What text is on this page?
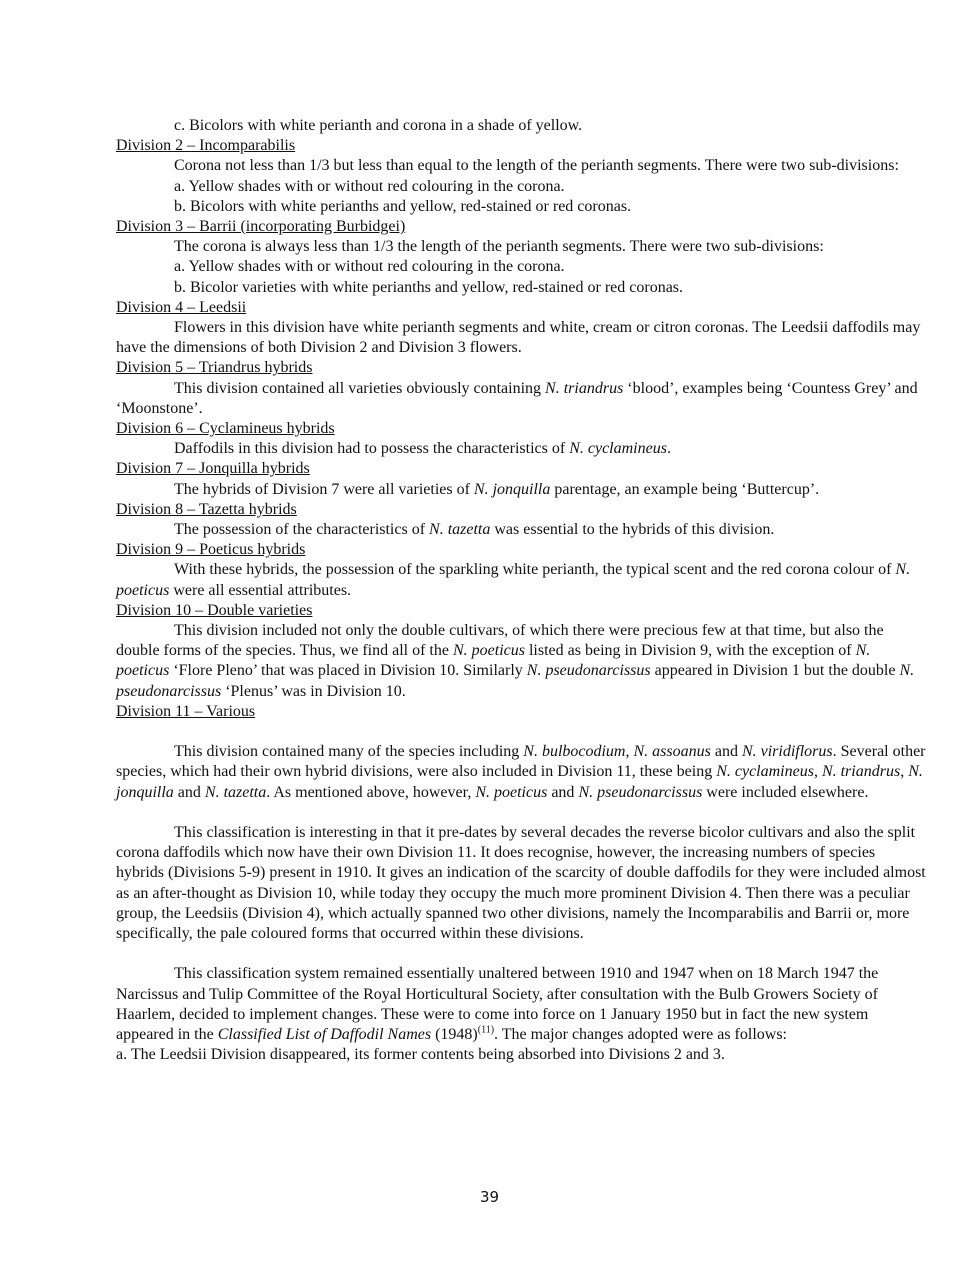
c. Bicolors with white perianth and corona in a shade of yellow.

Division 2 – Incomparabilis

Corona not less than 1/3 but less than equal to the length of the perianth segments. There were two sub-divisions:

a. Yellow shades with or without red colouring in the corona.

b. Bicolors with white perianths and yellow, red-stained or red coronas.

Division 3 – Barrii (incorporating Burbidgei)

The corona is always less than 1/3 the length of the perianth segments. There were two sub-divisions:

a. Yellow shades with or without red colouring in the corona.

b. Bicolor varieties with white perianths and yellow, red-stained or red coronas.

Division 4 – Leedsii

Flowers in this division have white perianth segments and white, cream or citron coronas. The Leedsii daffodils may have the dimensions of both Division 2 and Division 3 flowers.

Division 5 – Triandrus hybrids

This division contained all varieties obviously containing N. triandrus ‘blood’, examples being ‘Countess Grey’ and ‘Moonstone’.

Division 6 – Cyclamineus hybrids

Daffodils in this division had to possess the characteristics of N. cyclamineus.

Division 7 – Jonquilla hybrids

The hybrids of Division 7 were all varieties of N. jonquilla parentage, an example being ‘Buttercup’.

Division 8 – Tazetta hybrids

The possession of the characteristics of N. tazetta was essential to the hybrids of this division.

Division 9 – Poeticus hybrids

With these hybrids, the possession of the sparkling white perianth, the typical scent and the red corona colour of N. poeticus were all essential attributes.

Division 10 – Double varieties

This division included not only the double cultivars, of which there were precious few at that time, but also the double forms of the species. Thus, we find all of the N. poeticus listed as being in Division 9, with the exception of N. poeticus ‘Flore Pleno’ that was placed in Division 10. Similarly N. pseudonarcissus appeared in Division 1 but the double N. pseudonarcissus ‘Plenus’ was in Division 10.

Division 11 – Various

This division contained many of the species including N. bulbocodium, N. assoanus and N. viridiflorus. Several other species, which had their own hybrid divisions, were also included in Division 11, these being N. cyclamineus, N. triandrus, N. jonquilla and N. tazetta. As mentioned above, however, N. poeticus and N. pseudonarcissus were included elsewhere.

This classification is interesting in that it pre-dates by several decades the reverse bicolor cultivars and also the split corona daffodils which now have their own Division 11. It does recognise, however, the increasing numbers of species hybrids (Divisions 5-9) present in 1910. It gives an indication of the scarcity of double daffodils for they were included almost as an after-thought as Division 10, while today they occupy the much more prominent Division 4. Then there was a peculiar group, the Leedsiis (Division 4), which actually spanned two other divisions, namely the Incomparabilis and Barrii or, more specifically, the pale coloured forms that occurred within these divisions.

This classification system remained essentially unaltered between 1910 and 1947 when on 18 March 1947 the Narcissus and Tulip Committee of the Royal Horticultural Society, after consultation with the Bulb Growers Society of Haarlem, decided to implement changes. These were to come into force on 1 January 1950 but in fact the new system appeared in the Classified List of Daffodil Names $(1948)^{(11)}$. The major changes adopted were as follows:

a. The Leedsii Division disappeared, its former contents being absorbed into Divisions 2 and 3.

39
